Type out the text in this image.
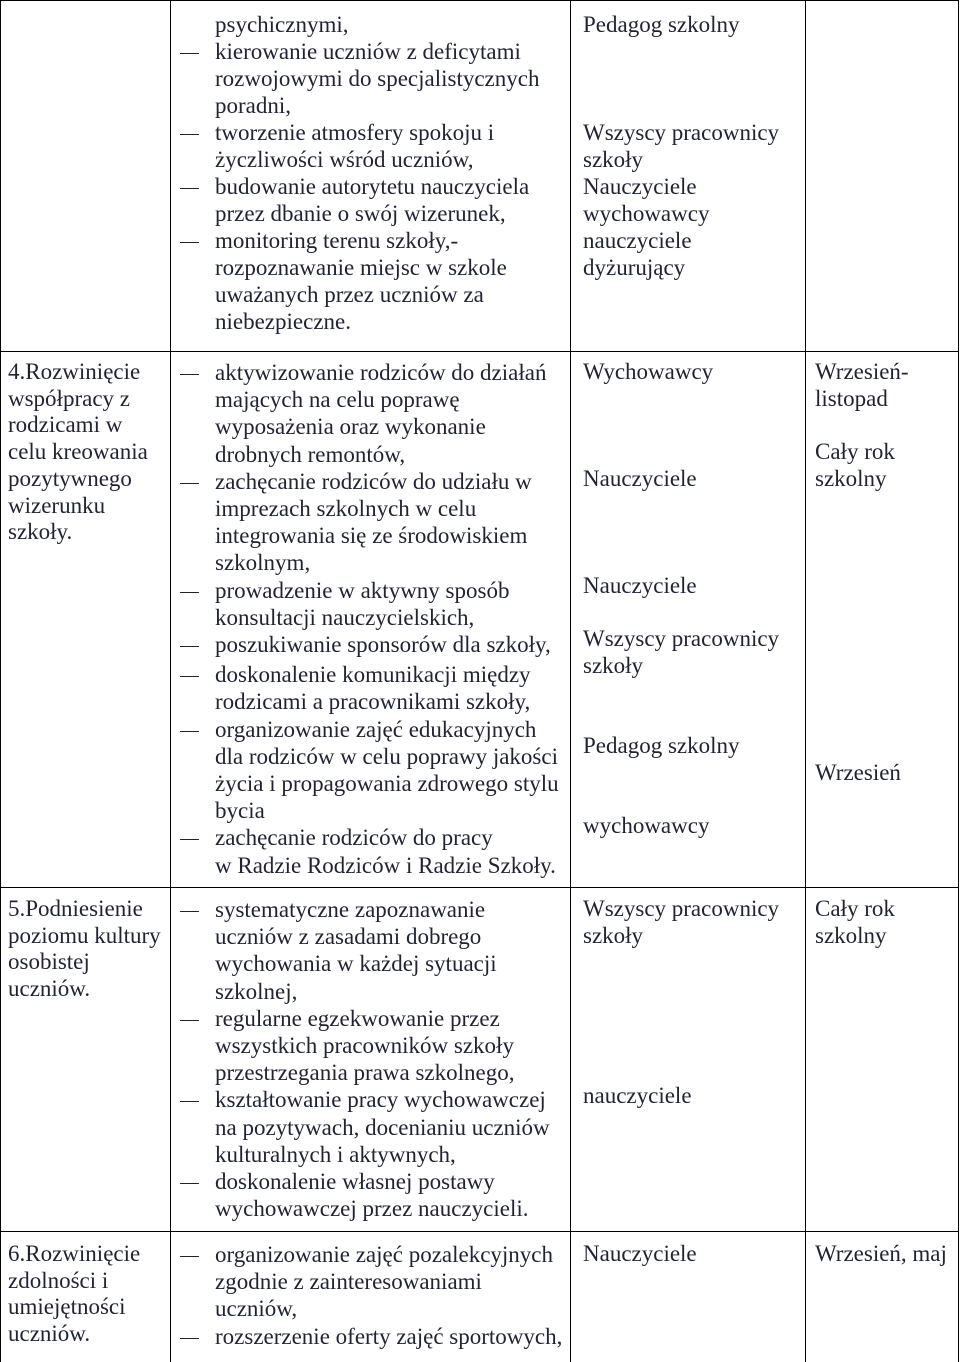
psychicznymi,
kierowanie uczniów z deficytami
rozwojowymi do specjalistycznych
poradni,
tworzenie atmosfery spokoju i
życzliwości wśród uczniów,
budowanie autorytetu nauczyciela
przez dbanie o swój wizerunek,
monitoring terenu szkoły,-
rozpoznawanie miejsc w szkole
uważanych przez uczniów za
niebezpieczne.
Pedagog szkolny
Wszyscy pracownicy
szkoły
Nauczyciele
wychowawcy
nauczyciele
dyżurujący
4.Rozwinięcie
współpracy z
rodzicami w
celu kreowania
pozytywnego
wizerunku
szkoły.
aktywizowanie rodziców do działań
mających na celu poprawę
wyposażenia oraz wykonanie
drobnych remontów,
zachęcanie rodziców do udziału w
imprezach szkolnych w celu
integrowania się ze środowiskiem
szkolnym,
prowadzenie w aktywny sposób
konsultacji nauczycielskich,
poszukiwanie sponsorów dla szkoły,
doskonalenie komunikacji między
rodzicami a pracownikami szkoły,
organizowanie zajęć edukacyjnych
dla rodziców w celu poprawy jakości
życia i propagowania zdrowego stylu
bycia
zachęcanie rodziców do pracy
w Radzie Rodziców i Radzie Szkoły.
Wychowawcy
Nauczyciele
Nauczyciele
Wszyscy pracownicy
szkoły
Pedagog szkolny
wychowawcy
Wrzesień-
listopad
Cały rok
szkolny
Wrzesień
5.Podniesienie
poziomu kultury
osobistej
uczniów.
systematyczne zapoznawanie
uczniów z zasadami dobrego
wychowania w każdej sytuacji
szkolnej,
regularne egzekwowanie przez
wszystkich pracowników szkoły
przestrzegania prawa szkolnego,
kształtowanie pracy wychowawczej
na pozytywach, docenianiu uczniów
kulturalnych i aktywnych,
doskonalenie własnej postawy
wychowawczej przez nauczycieli.
Wszyscy pracownicy
szkoły
nauczyciele
Cały rok
szkolny
6.Rozwinięcie
zdolności i
umiejętności
uczniów.
organizowanie zajęć pozalekcyjnych
zgodnie z zainteresowaniami
uczniów,
rozszerzenie oferty zajęć sportowych,
Nauczyciele	Wrzesień, maj
